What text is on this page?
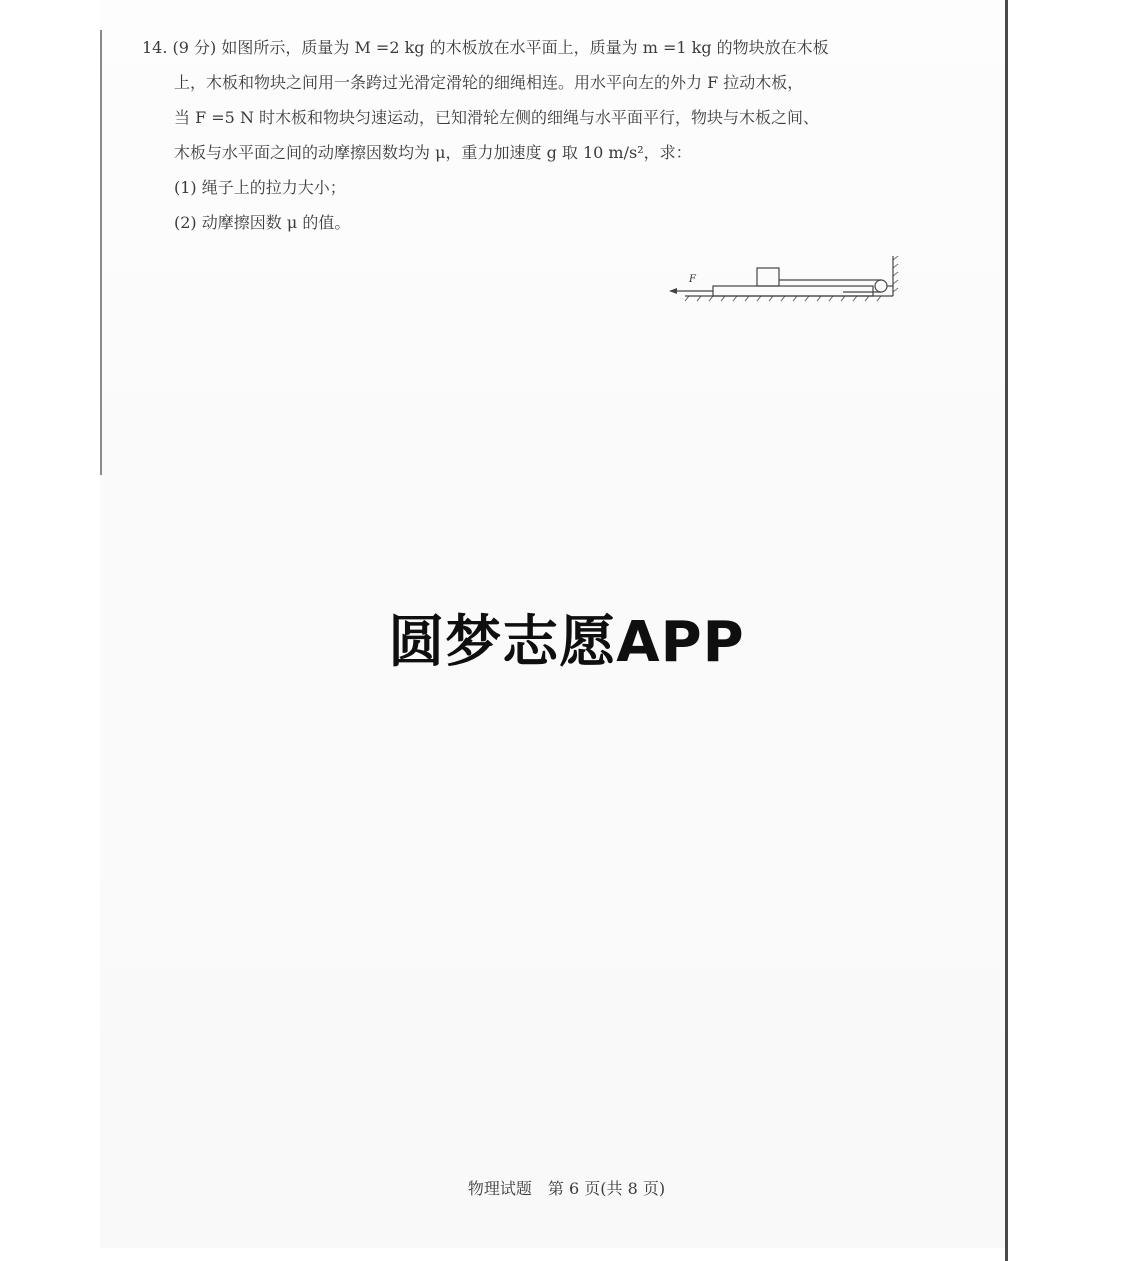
14. (9 分) 如图所示，质量为 M =2 kg 的木板放在水平面上，质量为 m =1 kg 的物块放在木板
上，木板和物块之间用一条跨过光滑定滑轮的细绳相连。用水平向左的外力 F 拉动木板，
当 F =5 N 时木板和物块匀速运动，已知滑轮左侧的细绳与水平面平行，物块与木板之间、
木板与水平面之间的动摩擦因数均为 μ，重力加速度 g 取 10 m/s²，求：
(1) 绳子上的拉力大小；
(2) 动摩擦因数 μ 的值。
F
圆梦志愿APP
物理试题　第 6 页(共 8 页)
